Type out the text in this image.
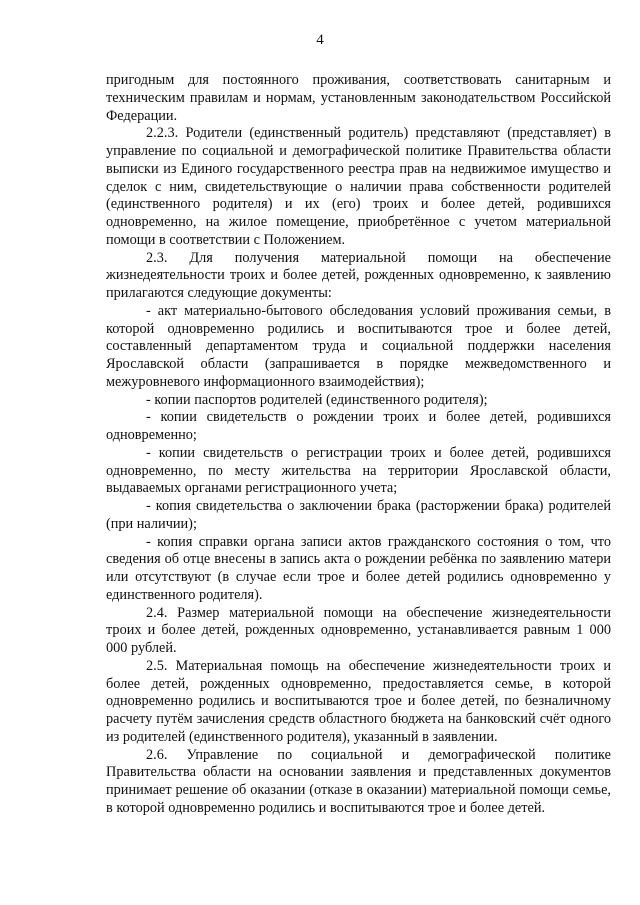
4

пригодным для постоянного проживания, соответствовать санитарным и техническим правилам и нормам, установленным законодательством Российской Федерации.

2.2.3. Родители (единственный родитель) представляют (представляет) в управление по социальной и демографической политике Правительства области выписки из Единого государственного реестра прав на недвижимое имущество и сделок с ним, свидетельствующие о наличии права собственности родителей (единственного родителя) и их (его) троих и более детей, родившихся одновременно, на жилое помещение, приобретённое с учетом материальной помощи в соответствии с Положением.

2.3. Для получения материальной помощи на обеспечение жизнедеятельности троих и более детей, рожденных одновременно, к заявлению прилагаются следующие документы:

- акт материально-бытового обследования условий проживания семьи, в которой одновременно родились и воспитываются трое и более детей, составленный департаментом труда и социальной поддержки населения Ярославской области (запрашивается в порядке межведомственного и межуровневого информационного взаимодействия);

- копии паспортов родителей (единственного родителя);

- копии свидетельств о рождении троих и более детей, родившихся одновременно;

- копии свидетельств о регистрации троих и более детей, родившихся одновременно, по месту жительства на территории Ярославской области, выдаваемых органами регистрационного учета;

- копия свидетельства о заключении брака (расторжении брака) родителей (при наличии);

- копия справки органа записи актов гражданского состояния о том, что сведения об отце внесены в запись акта о рождении ребёнка по заявлению матери или отсутствуют (в случае если трое и более детей родились одновременно у единственного родителя).

2.4. Размер материальной помощи на обеспечение жизнедеятельности троих и более детей, рожденных одновременно, устанавливается равным 1 000 000 рублей.

2.5. Материальная помощь на обеспечение жизнедеятельности троих и более детей, рожденных одновременно, предоставляется семье, в которой одновременно родились и воспитываются трое и более детей, по безналичному расчету путём зачисления средств областного бюджета на банковский счёт одного из родителей (единственного родителя), указанный в заявлении.

2.6. Управление по социальной и демографической политике Правительства области на основании заявления и представленных документов принимает решение об оказании (отказе в оказании) материальной помощи семье, в которой одновременно родились и воспитываются трое и более детей.
